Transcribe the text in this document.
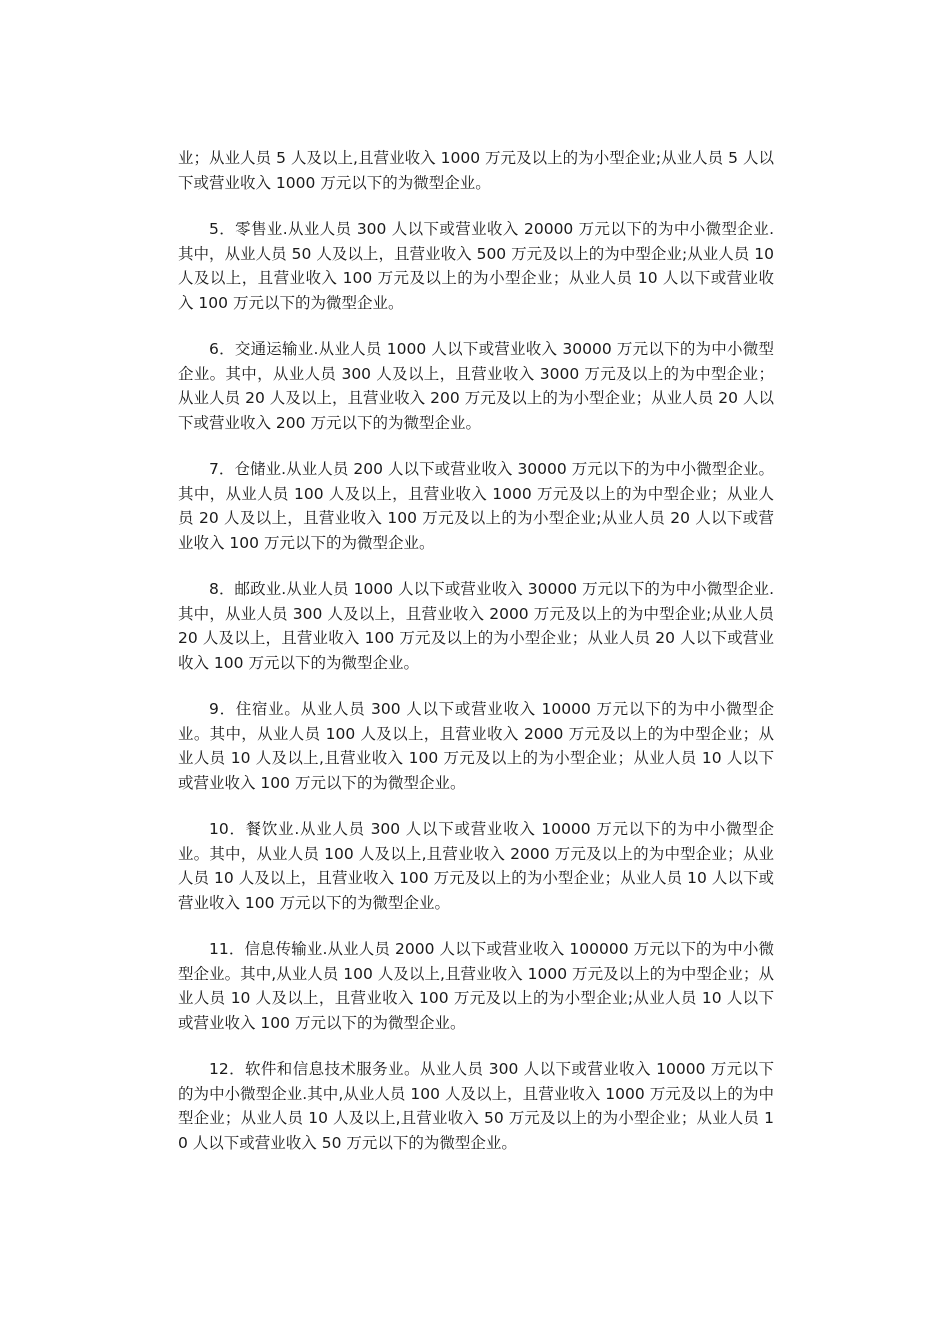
业；从业人员 5 人及以上,且营业收入 1000 万元及以上的为小型企业;从业人员 5 人以下或营业收入 1000 万元以下的为微型企业。

5．零售业.从业人员 300 人以下或营业收入 20000 万元以下的为中小微型企业.其中，从业人员 50 人及以上，且营业收入 500 万元及以上的为中型企业;从业人员 10 人及以上，且营业收入 100 万元及以上的为小型企业；从业人员 10 人以下或营业收入 100 万元以下的为微型企业。

6．交通运输业.从业人员 1000 人以下或营业收入 30000 万元以下的为中小微型企业。其中，从业人员 300 人及以上，且营业收入 3000 万元及以上的为中型企业；从业人员 20 人及以上，且营业收入 200 万元及以上的为小型企业；从业人员 20 人以下或营业收入 200 万元以下的为微型企业。

7．仓储业.从业人员 200 人以下或营业收入 30000 万元以下的为中小微型企业。其中，从业人员 100 人及以上，且营业收入 1000 万元及以上的为中型企业；从业人员 20 人及以上，且营业收入 100 万元及以上的为小型企业;从业人员 20 人以下或营业收入 100 万元以下的为微型企业。

8．邮政业.从业人员 1000 人以下或营业收入 30000 万元以下的为中小微型企业.其中，从业人员 300 人及以上，且营业收入 2000 万元及以上的为中型企业;从业人员 20 人及以上，且营业收入 100 万元及以上的为小型企业；从业人员 20 人以下或营业收入 100 万元以下的为微型企业。

9．住宿业。从业人员 300 人以下或营业收入 10000 万元以下的为中小微型企业。其中，从业人员 100 人及以上，且营业收入 2000 万元及以上的为中型企业；从业人员 10 人及以上,且营业收入 100 万元及以上的为小型企业；从业人员 10 人以下或营业收入 100 万元以下的为微型企业。

10．餐饮业.从业人员 300 人以下或营业收入 10000 万元以下的为中小微型企业。其中，从业人员 100 人及以上,且营业收入 2000 万元及以上的为中型企业；从业人员 10 人及以上，且营业收入 100 万元及以上的为小型企业；从业人员 10 人以下或营业收入 100 万元以下的为微型企业。

11．信息传输业.从业人员 2000 人以下或营业收入 100000 万元以下的为中小微型企业。其中,从业人员 100 人及以上,且营业收入 1000 万元及以上的为中型企业；从业人员 10 人及以上，且营业收入 100 万元及以上的为小型企业;从业人员 10 人以下或营业收入 100 万元以下的为微型企业。

12．软件和信息技术服务业。从业人员 300 人以下或营业收入 10000 万元以下的为中小微型企业.其中,从业人员 100 人及以上，且营业收入 1000 万元及以上的为中型企业；从业人员 10 人及以上,且营业收入 50 万元及以上的为小型企业；从业人员 10 人以下或营业收入 50 万元以下的为微型企业。
